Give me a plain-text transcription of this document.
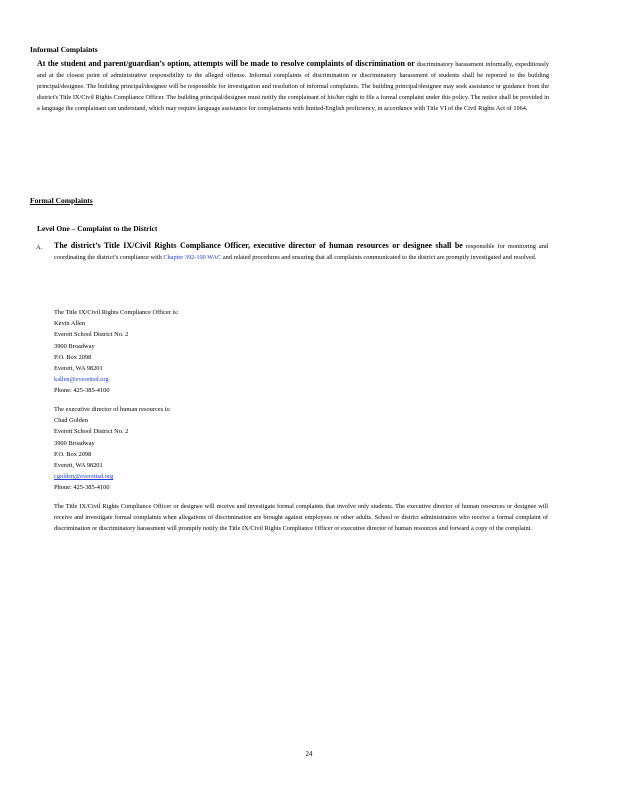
Informal Complaints
At the student and parent/guardian’s option, attempts will be made to resolve complaints of discrimination or discriminatory harassment informally, expeditiously and at the closest point of administrative responsibility to the alleged offense. Informal complaints of discrimination or discriminatory harassment of students shall be reported to the building principal/designee. The building principal/designee will be responsible for investigation and resolution of informal complaints. The building principal/designee may seek assistance or guidance from the district's Title IX/Civil Rights Compliance Officer. The building principal/designee must notify the complainant of his/her right to file a formal complaint under this policy. The notice shall be provided in a language the complainant can understand, which may require language assistance for complainants with limited-English proficiency, in accordance with Title VI of the Civil Rights Act of 1964.
Formal Complaints
Level One – Complaint to the District
A. The district’s Title IX/Civil Rights Compliance Officer, executive director of human resources or designee shall be responsible for monitoring and coordinating the district’s compliance with Chapter 392-190 WAC and related procedures and ensuring that all complaints communicated to the district are promptly investigated and resolved.
The Title IX/Civil Rights Compliance Officer is:
Kevin Allen
Everett School District No. 2
3900 Broadway
P.O. Box 2098
Everett, WA 98201
kallen@everettsd.org
Phone: 425-385-4100
The executive director of human resources is:
Chad Golden
Everett School District No. 2
3900 Broadway
P.O. Box 2098
Everett, WA 98201
cgolden@everettsd.org
Phone: 425-385-4100
The Title IX/Civil Rights Compliance Officer or designee will receive and investigate formal complaints that involve only students. The executive director of human resources or designee will receive and investigate formal complaints when allegations of discrimination are brought against employees or other adults. School or district administrators who receive a formal complaint of discrimination or discriminatory harassment will promptly notify the Title IX/Civil Rights Compliance Officer or executive director of human resources and forward a copy of the complaint.
24
